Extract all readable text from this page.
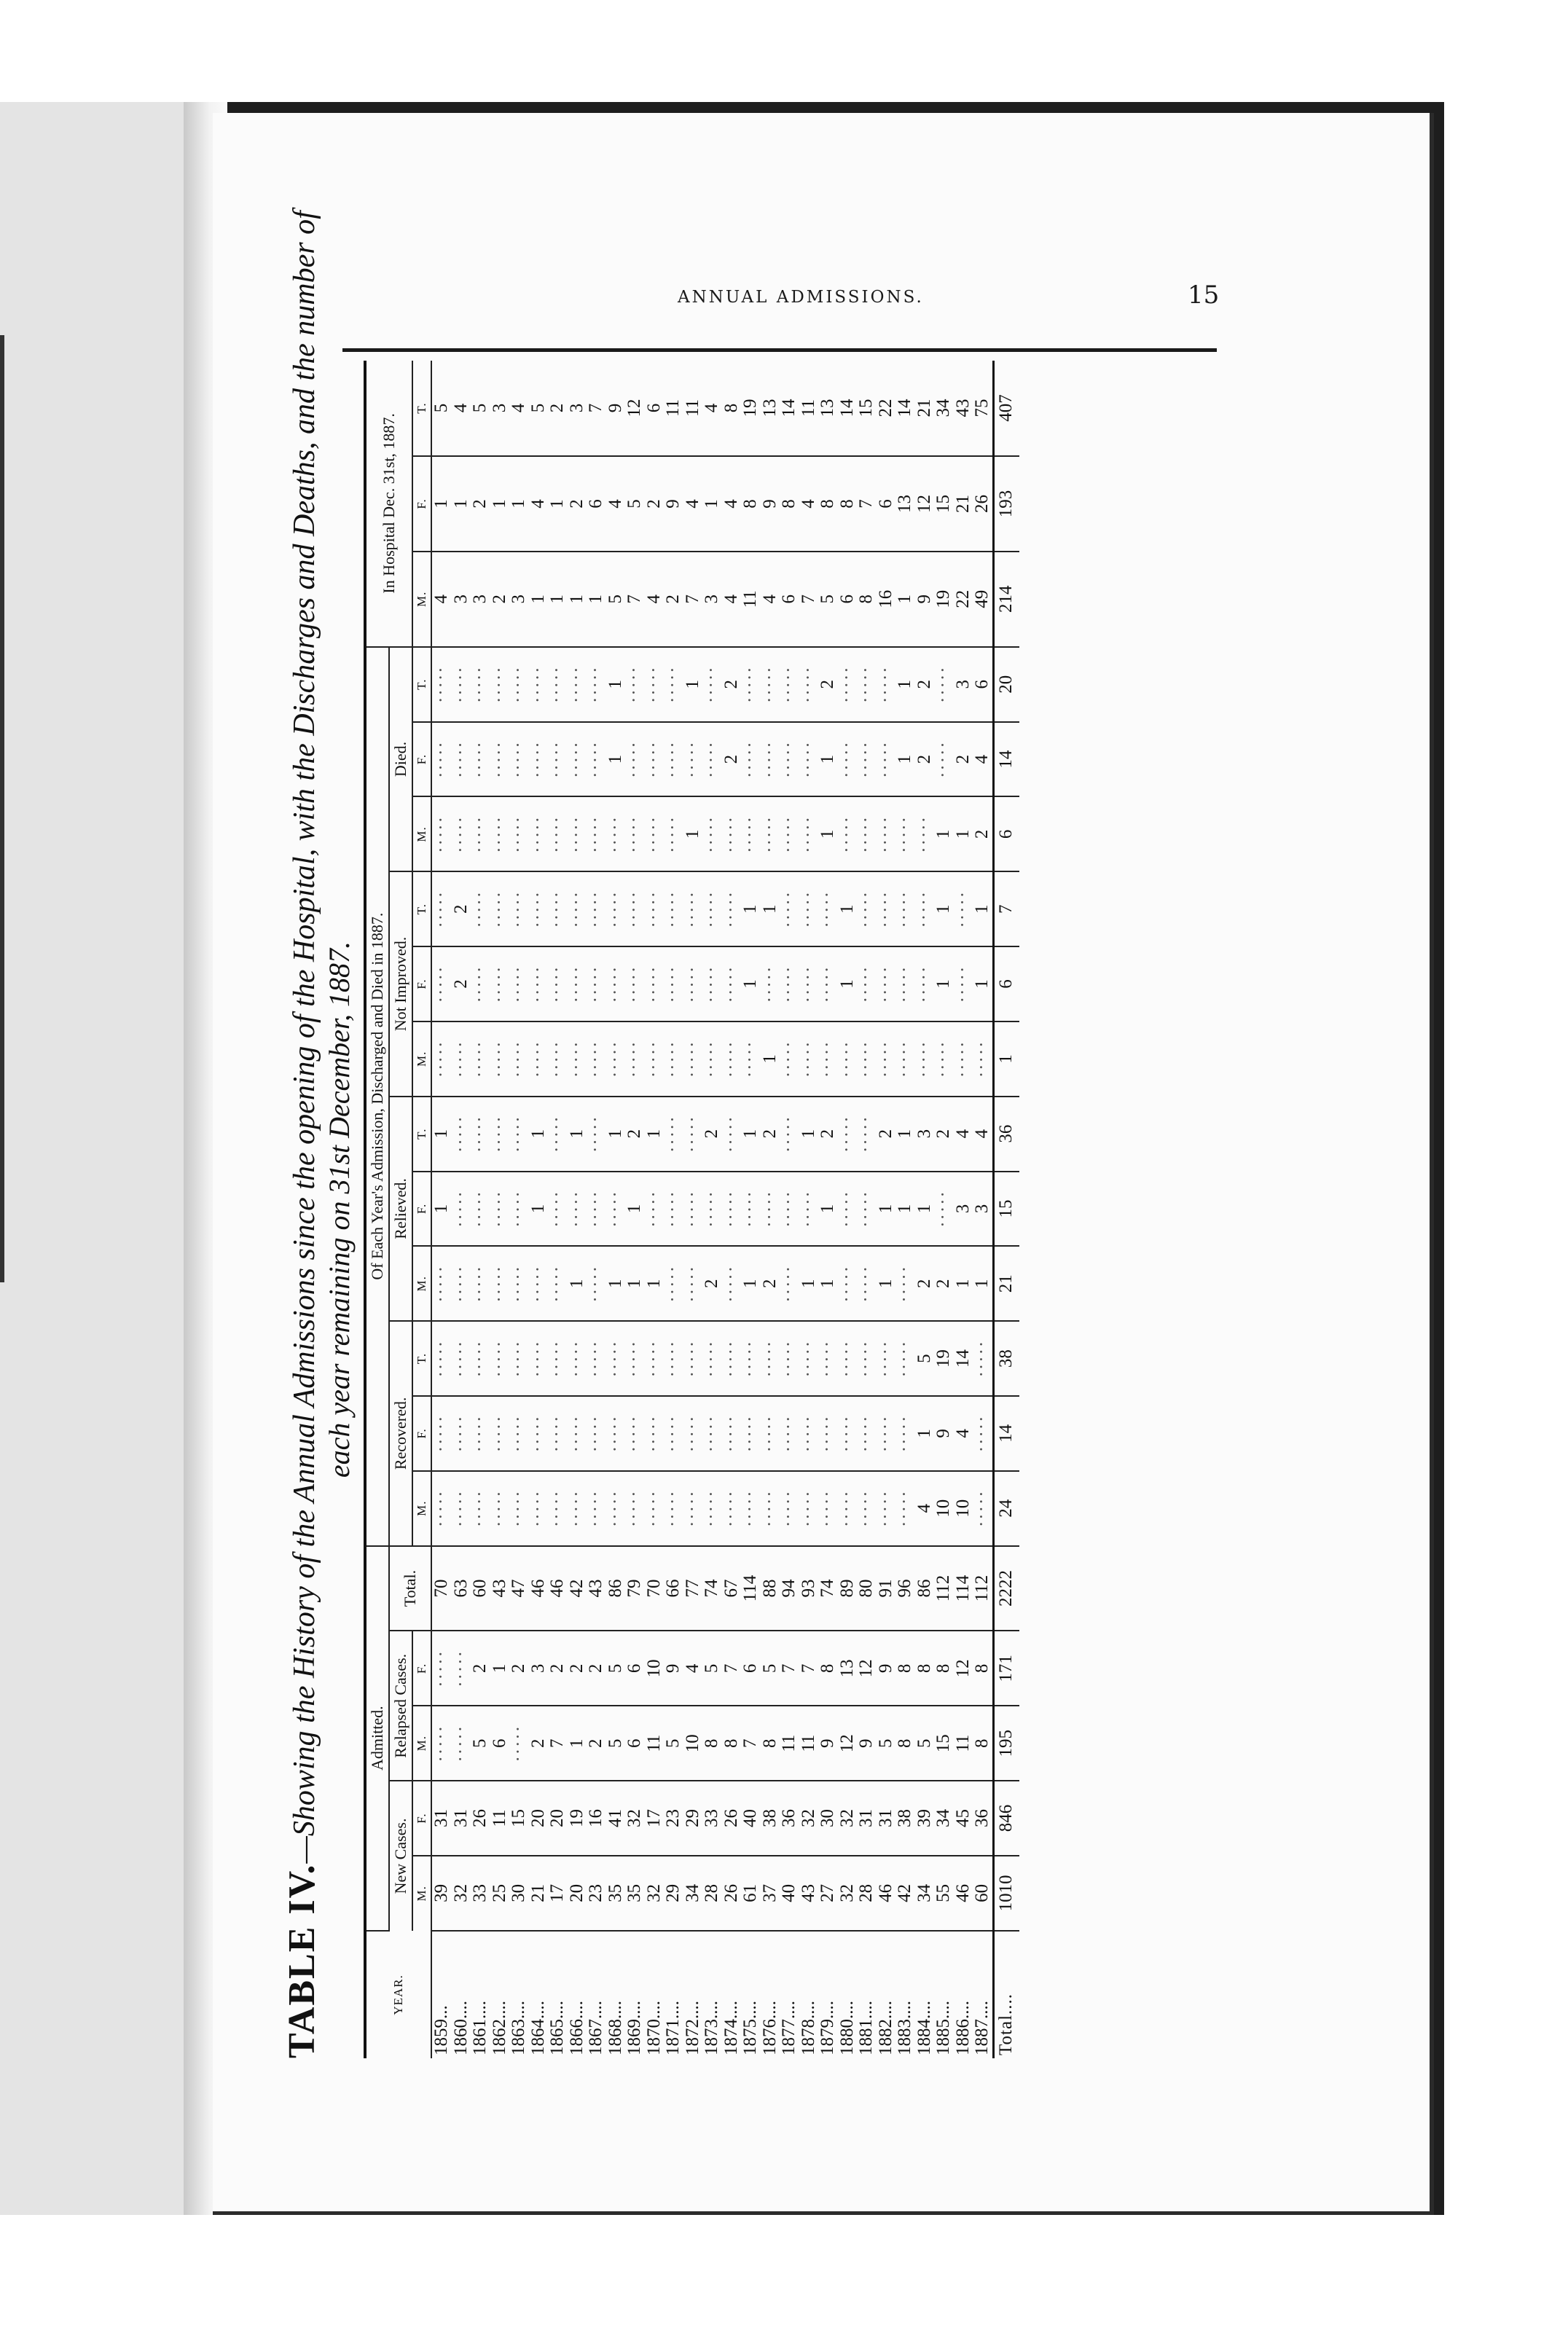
ANNUAL ADMISSIONS.	15
TABLE IV.—Showing the History of the Annual Admissions since the opening of the Hospital, with the Discharges and Deaths, and the number of each year remaining on 31st December, 1887.
YEAR.	Admitted.					Of Each Year's Admission, Discharged and Died in 1887.												In Hospital Dec. 31st, 1887.		
	New Cases.		Relapsed Cases.		Total.	Recovered.			Relieved.			Not Improved.			Died.					
	M.	F.	M.	F.		M.	F.	T.	M.	F.	T.	M.	F.	T.	M.	F.	T.	M.	F.	T.
1859...	39	31	·····	·····	70	·····	·····	·····	·····	1	1	·····	·····	·····	·····	·····	·····	4	1	5
1860....	32	31	·····	·····	63	·····	·····	·····	·····	·····	·····	·····	2	2	·····	·····	·····	3	1	4
1861....	33	26	5	2	60	·····	·····	·····	·····	·····	·····	·····	·····	·····	·····	·····	·····	3	2	5
1862....	25	11	6	1	43	·····	·····	·····	·····	·····	·····	·····	·····	·····	·····	·····	·····	2	1	3
1863....	30	15	·····	2	47	·····	·····	·····	·····	·····	·····	·····	·····	·····	·····	·····	·····	3	1	4
1864....	21	20	2	3	46	·····	·····	·····	·····	1	1	·····	·····	·····	·····	·····	·····	1	4	5
1865....	17	20	7	2	46	·····	·····	·····	·····	·····	·····	·····	·····	·····	·····	·····	·····	1	1	2
1866....	20	19	1	2	42	·····	·····	·····	1	·····	1	·····	·····	·····	·····	·····	·····	1	2	3
1867....	23	16	2	2	43	·····	·····	·····	·····	·····	·····	·····	·····	·····	·····	·····	·····	1	6	7
1868....	35	41	5	5	86	·····	·····	·····	1	·····	1	·····	·····	·····	·····	1	1	5	4	9
1869....	35	32	6	6	79	·····	·····	·····	1	1	2	·····	·····	·····	·····	·····	·····	7	5	12
1870....	32	17	11	10	70	·····	·····	·····	1	·····	1	·····	·····	·····	·····	·····	·····	4	2	6
1871....	29	23	5	9	66	·····	·····	·····	·····	·····	·····	·····	·····	·····	·····	·····	·····	2	9	11
1872....	34	29	10	4	77	·····	·····	·····	·····	·····	·····	·····	·····	·····	1	·····	1	7	4	11
1873....	28	33	8	5	74	·····	·····	·····	2	·····	2	·····	·····	·····	·····	·····	·····	3	1	4
1874....	26	26	8	7	67	·····	·····	·····	·····	·····	·····	·····	·····	·····	·····	2	2	4	4	8
1875....	61	40	7	6	114	·····	·····	·····	1	·····	1	·····	1	1	·····	·····	·····	11	8	19
1876....	37	38	8	5	88	·····	·····	·····	2	·····	2	1	·····	1	·····	·····	·····	4	9	13
1877....	40	36	11	7	94	·····	·····	·····	·····	·····	·····	·····	·····	·····	·····	·····	·····	6	8	14
1878....	43	32	11	7	93	·····	·····	·····	1	·····	1	·····	·····	·····	·····	·····	·····	7	4	11
1879....	27	30	9	8	74	·····	·····	·····	1	1	2	·····	·····	·····	1	1	2	5	8	13
1880....	32	32	12	13	89	·····	·····	·····	·····	·····	·····	·····	1	1	·····	·····	·····	6	8	14
1881....	28	31	9	12	80	·····	·····	·····	·····	·····	·····	·····	·····	·····	·····	·····	·····	8	7	15
1882....	46	31	5	9	91	·····	·····	·····	1	1	2	·····	·····	·····	·····	·····	·····	16	6	22
1883....	42	38	8	8	96	·····	·····	·····	·····	1	1	·····	·····	·····	·····	1	1	1	13	14
1884....	34	39	5	8	86	4	1	5	2	1	3	·····	·····	·····	·····	2	2	9	12	21
1885....	55	34	15	8	112	10	9	19	2	·····	2	·····	1	1	1	·····	·····	19	15	34
1886....	46	45	11	12	114	10	4	14	1	3	4	·····	·····	·····	1	2	3	22	21	43
1887....	60	36	8	8	112	·····	·····	·····	1	3	4	·····	1	1	2	4	6	49	26	75
Total....	1010	846	195	171	2222	24	14	38	21	15	36	1	6	7	6	14	20	214	193	407
